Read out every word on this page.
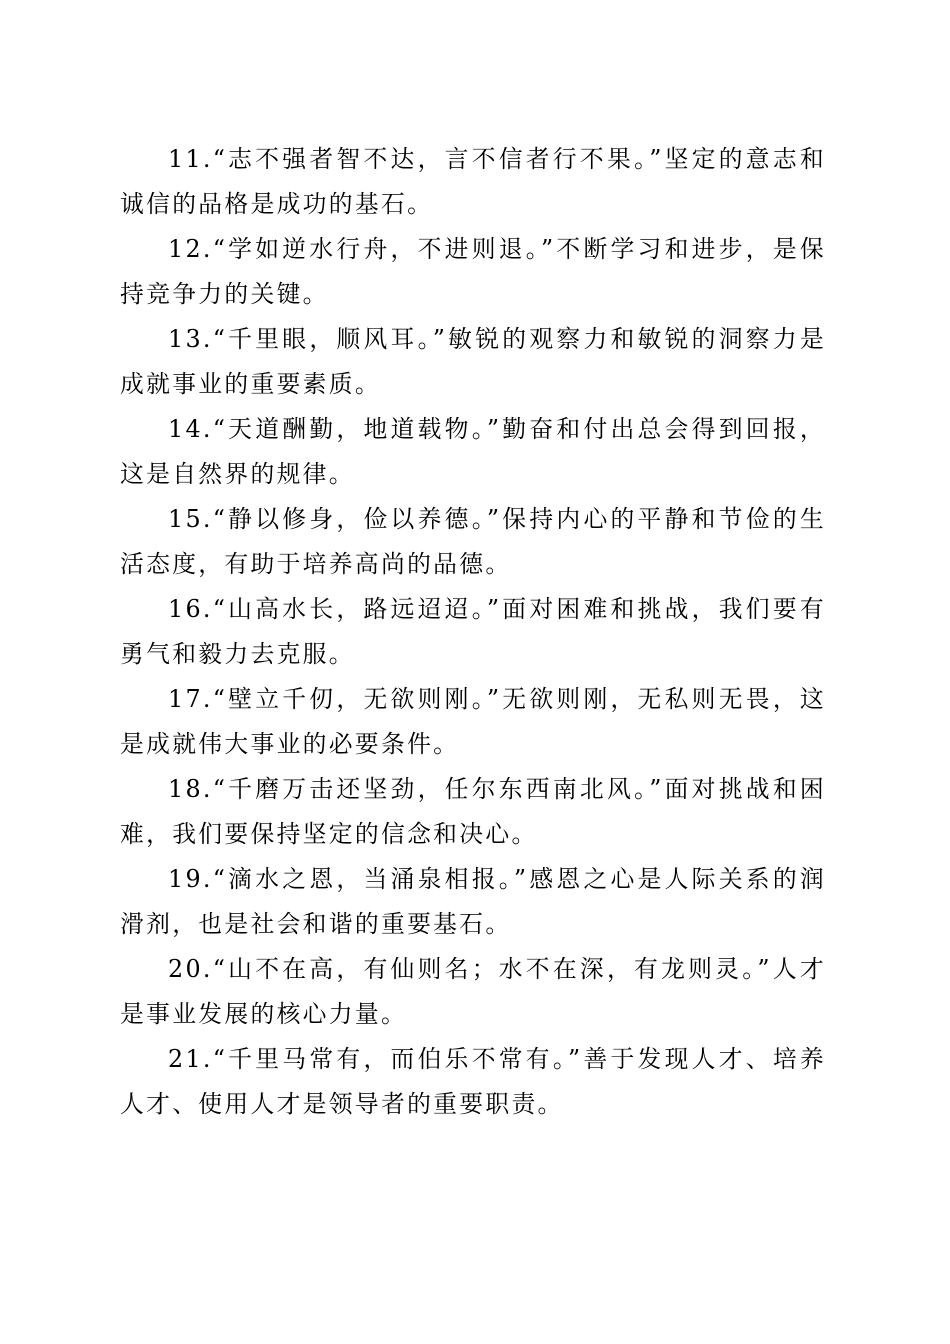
11.“志不强者智不达，言不信者行不果。”坚定的意志和诚信的品格是成功的基石。

12.“学如逆水行舟，不进则退。”不断学习和进步，是保持竞争力的关键。

13.“千里眼，顺风耳。”敏锐的观察力和敏锐的洞察力是成就事业的重要素质。

14.“天道酬勤，地道载物。”勤奋和付出总会得到回报，这是自然界的规律。

15.“静以修身，俭以养德。”保持内心的平静和节俭的生活态度，有助于培养高尚的品德。

16.“山高水长，路远迢迢。”面对困难和挑战，我们要有勇气和毅力去克服。

17.“壁立千仞，无欲则刚。”无欲则刚，无私则无畏，这是成就伟大事业的必要条件。

18.“千磨万击还坚劲，任尔东西南北风。”面对挑战和困难，我们要保持坚定的信念和决心。

19.“滴水之恩，当涌泉相报。”感恩之心是人际关系的润滑剂，也是社会和谐的重要基石。

20.“山不在高，有仙则名；水不在深，有龙则灵。”人才是事业发展的核心力量。

21.“千里马常有，而伯乐不常有。”善于发现人才、培养人才、使用人才是领导者的重要职责。
